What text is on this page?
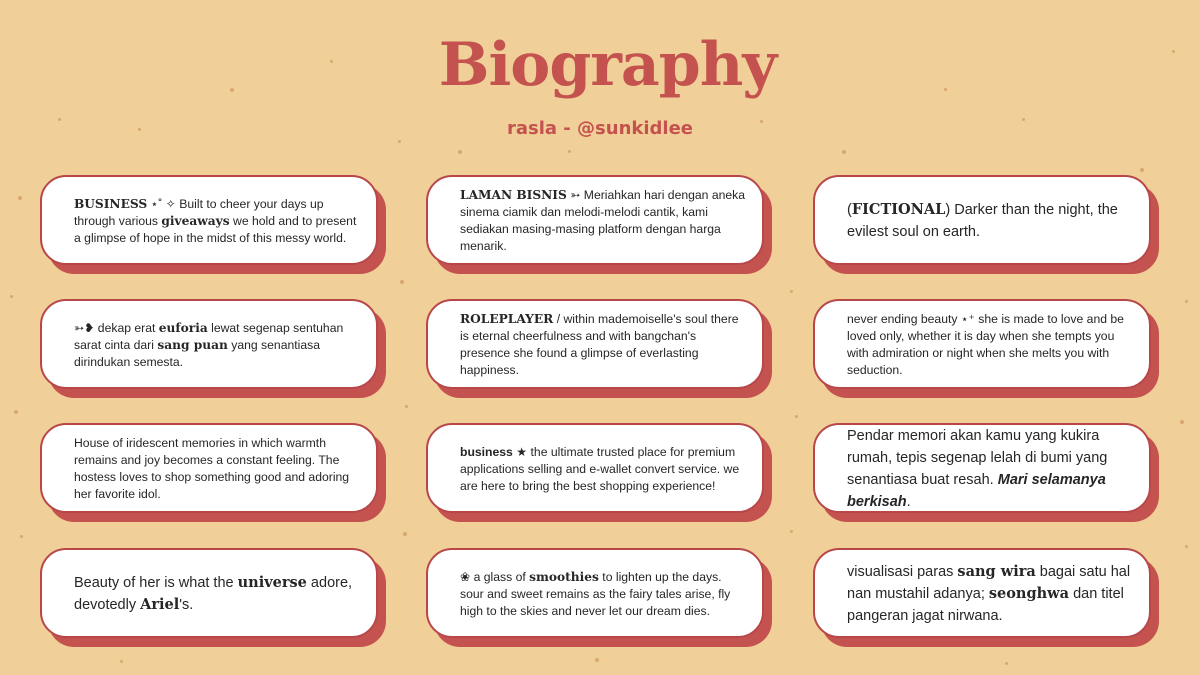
Biography
rasla - @sunkidlee
BUSINESS ⋆˚ ✧ Built to cheer your days up through various giveaways we hold and to present a glimpse of hope in the midst of this messy world.
LAMAN BISNIS ➳ Meriahkan hari dengan aneka sinema ciamik dan melodi-melodi cantik, kami sediakan masing-masing platform dengan harga menarik.
(FICTIONAL) Darker than the night, the evilest soul on earth.
➳❥ dekap erat euforia lewat segenap sentuhan sarat cinta dari sang puan yang senantiasa dirindukan semesta.
ROLEPLAYER / within mademoiselle's soul there is eternal cheerfulness and with bangchan's presence she found a glimpse of everlasting happiness.
never ending beauty ⋆⁺ she is made to love and be loved only, whether it is day when she tempts you with admiration or night when she melts you with seduction.
House of iridescent memories in which warmth remains and joy becomes a constant feeling. The hostess loves to shop something good and adoring her favorite idol.
business ★ the ultimate trusted place for premium applications selling and e-wallet convert service. we are here to bring the best shopping experience!
Pendar memori akan kamu yang kukira rumah, tepis segenap lelah di bumi yang senantiasa buat resah. Mari selamanya berkisah.
Beauty of her is what the universe adore, devotedly Ariel's.
❀ a glass of smoothies to lighten up the days. sour and sweet remains as the fairy tales arise, fly high to the skies and never let our dream dies.
visualisasi paras sang wira bagai satu hal nan mustahil adanya; seonghwa dan titel pangeran jagat nirwana.
